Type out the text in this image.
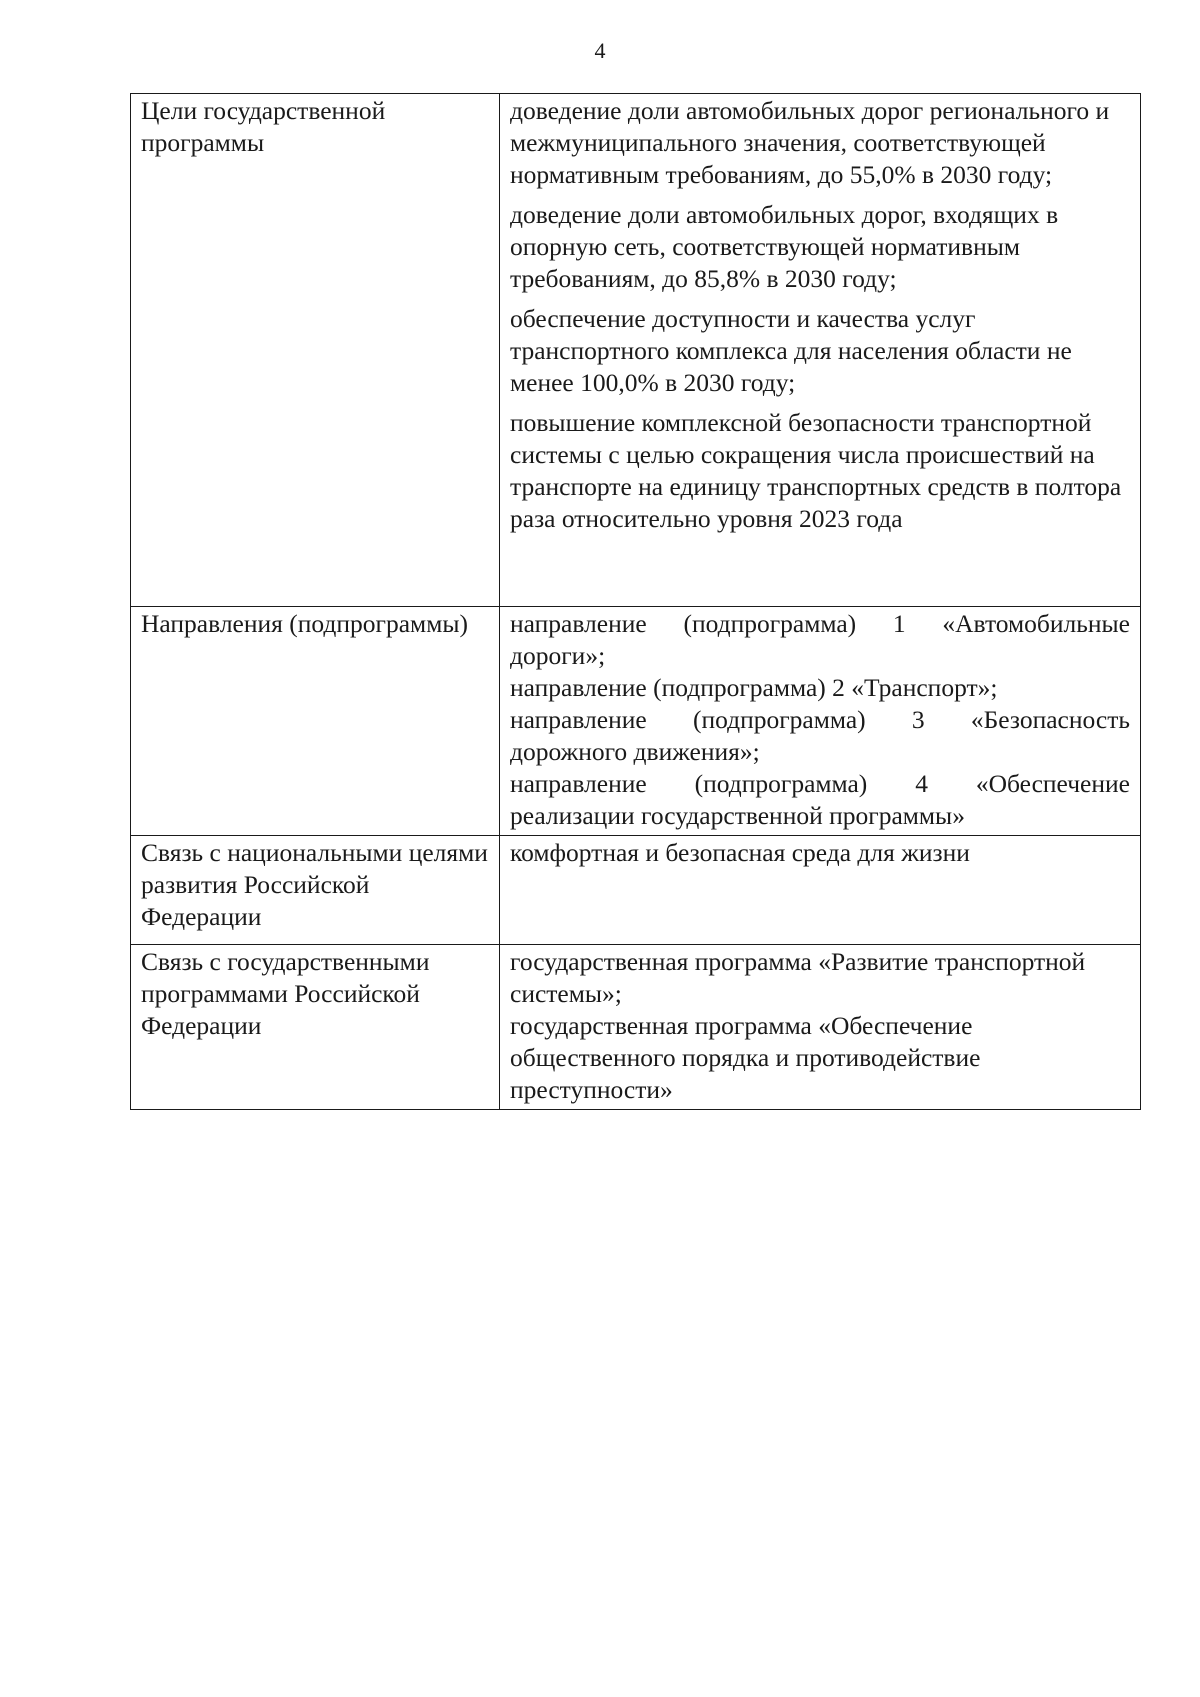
4
Цели государственной программы	доведение доли автомобильных дорог регионального и межмуниципального значения, соответствующей нормативным требованиям, до 55,0% в 2030 году;
доведение доли автомобильных дорог, входящих в опорную сеть, соответствующей нормативным требованиям, до 85,8% в 2030 году;
обеспечение доступности и качества услуг транспортного комплекса для населения области не менее 100,0% в 2030 году;
повышение комплексной безопасности транспортной системы с целью сокращения числа происшествий на транспорте на единицу транспортных средств в полтора раза относительно уровня 2023 года

Направления (подпрограммы)	направление (подпрограмма) 1 «Автомобильные дороги»;
направление (подпрограмма) 2 «Транспорт»;
направление (подпрограмма) 3 «Безопасность дорожного движения»;
направление (подпрограмма) 4 «Обеспечение реализации государственной программы»

Связь с национальными целями развития Российской Федерации	комфортная и безопасная среда для жизни

Связь с государственными программами Российской Федерации	государственная программа «Развитие транспортной системы»;
государственная программа «Обеспечение общественного порядка и противодействие преступности»
